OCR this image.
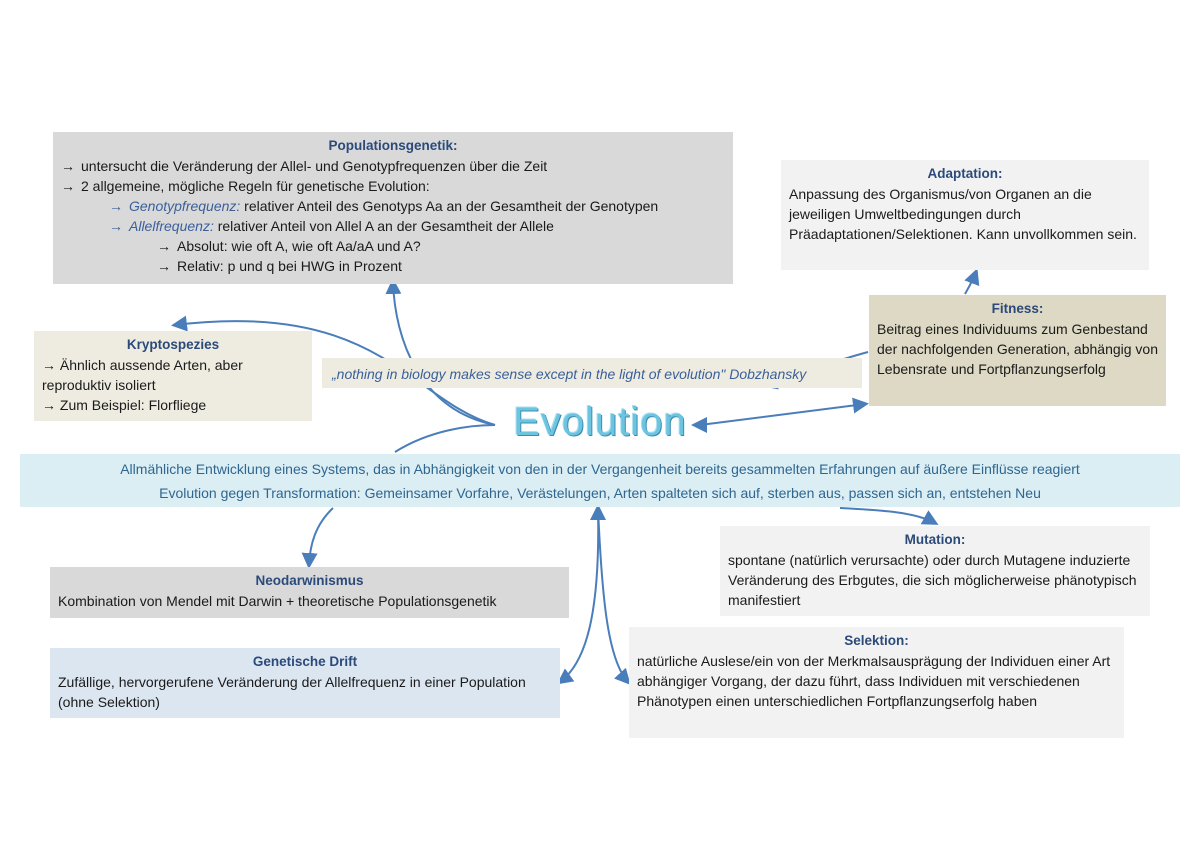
Populationsgenetik:
→ untersucht die Veränderung der Allel- und Genotypfrequenzen über die Zeit
→ 2 allgemeine, mögliche Regeln für genetische Evolution:
→ Genotypfrequenz: relativer Anteil des Genotyps Aa an der Gesamtheit der Genotypen
→ Allelfrequenz: relativer Anteil von Allel A an der Gesamtheit der Allele
→ Absolut: wie oft A, wie oft Aa/aA und A?
→ Relativ: p und q bei HWG in Prozent
Adaptation:
Anpassung des Organismus/von Organen an die jeweiligen Umweltbedingungen durch Präadaptationen/Selektionen. Kann unvollkommen sein.
Fitness:
Beitrag eines Individuums zum Genbestand der nachfolgenden Generation, abhängig von Lebensrate und Fortpflanzungserfolg
Kryptospezies
→ Ähnlich aussende Arten, aber reproduktiv isoliert
→ Zum Beispiel: Florfliege
„nothing in biology makes sense except in the light of evolution" Dobzhansky
Evolution
Allmähliche Entwicklung eines Systems, das in Abhängigkeit von den in der Vergangenheit bereits gesammelten Erfahrungen auf äußere Einflüsse reagiert
Evolution gegen Transformation: Gemeinsamer Vorfahre, Verästelungen, Arten spalteten sich auf, sterben aus, passen sich an, entstehen Neu
Mutation:
spontane (natürlich verursachte) oder durch Mutagene induzierte Veränderung des Erbgutes, die sich möglicherweise phänotypisch manifestiert
Neodarwinismus
Kombination von Mendel mit Darwin + theoretische Populationsgenetik
Genetische Drift
Zufällige, hervorgerufene Veränderung der Allelfrequenz in einer Population (ohne Selektion)
Selektion:
natürliche Auslese/ein von der Merkmalsausprägung der Individuen einer Art abhängiger Vorgang, der dazu führt, dass Individuen mit verschiedenen Phänotypen einen unterschiedlichen Fortpflanzungserfolg haben
